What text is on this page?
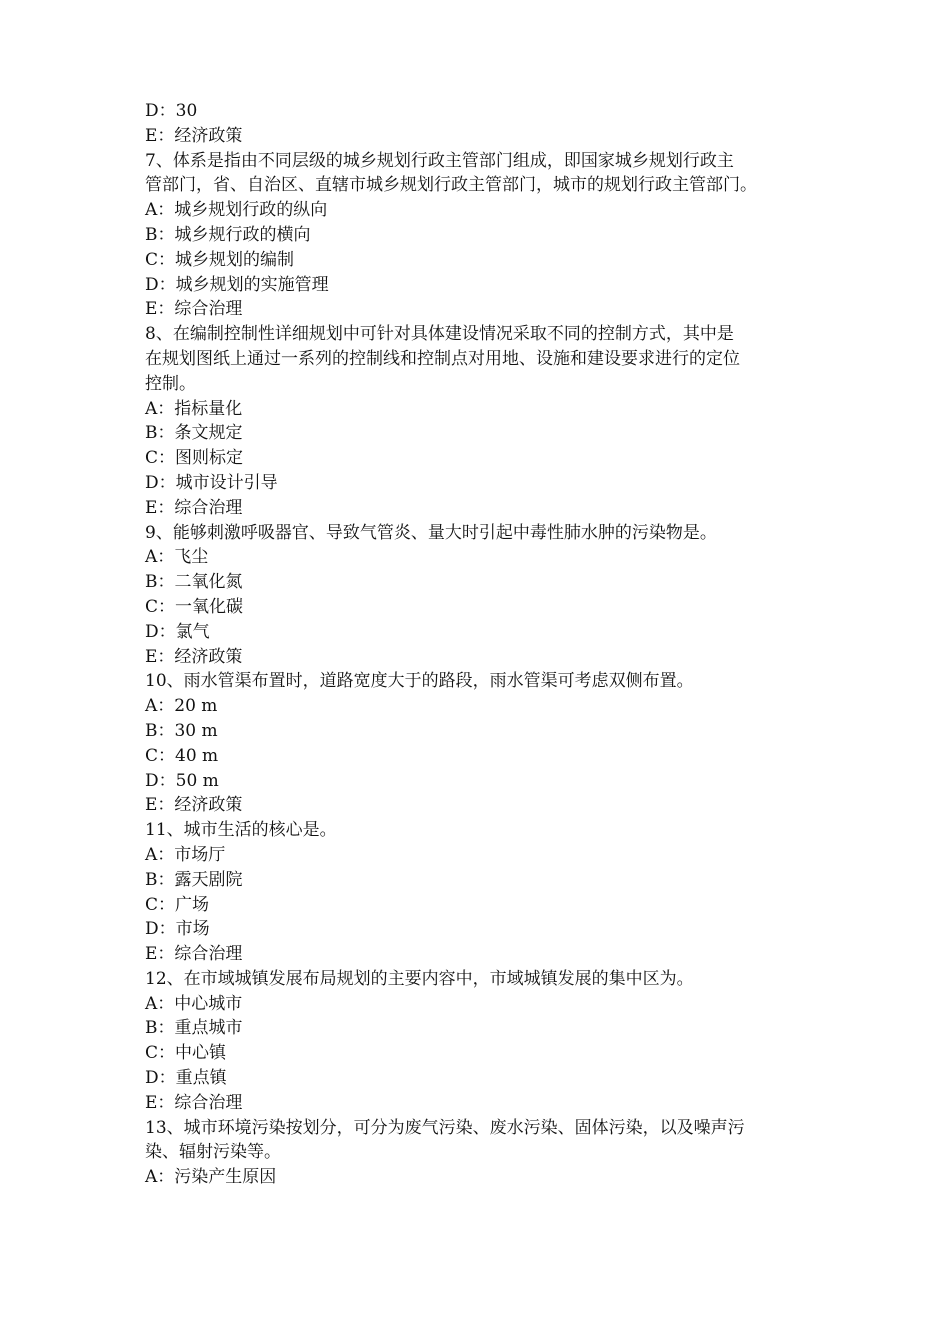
D：30
E：经济政策
7、体系是指由不同层级的城乡规划行政主管部门组成，即国家城乡规划行政主
管部门，省、自治区、直辖市城乡规划行政主管部门，城市的规划行政主管部门。
A：城乡规划行政的纵向
B：城乡规行政的横向
C：城乡规划的编制
D：城乡规划的实施管理
E：综合治理
8、在编制控制性详细规划中可针对具体建设情况采取不同的控制方式，其中是
在规划图纸上通过一系列的控制线和控制点对用地、设施和建设要求进行的定位
控制。
A：指标量化
B：条文规定
C：图则标定
D：城市设计引导
E：综合治理
9、能够刺激呼吸器官、导致气管炎、量大时引起中毒性肺水肿的污染物是。
A：飞尘
B：二氧化氮
C：一氧化碳
D：氯气
E：经济政策
10、雨水管渠布置时，道路宽度大于的路段，雨水管渠可考虑双侧布置。
A：20 m
B：30 m
C：40 m
D：50 m
E：经济政策
11、城市生活的核心是。
A：市场厅
B：露天剧院
C：广场
D：市场
E：综合治理
12、在市域城镇发展布局规划的主要内容中，市域城镇发展的集中区为。
A：中心城市
B：重点城市
C：中心镇
D：重点镇
E：综合治理
13、城市环境污染按划分，可分为废气污染、废水污染、固体污染，以及噪声污
染、辐射污染等。
A：污染产生原因
